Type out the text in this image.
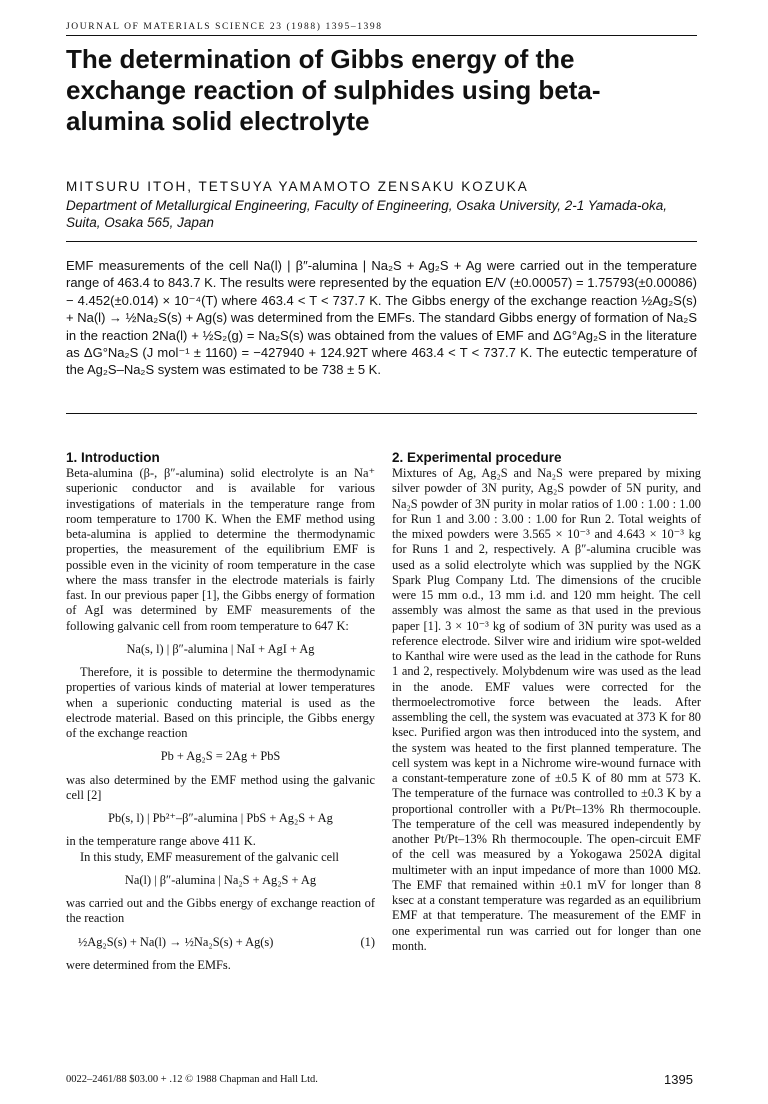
JOURNAL OF MATERIALS SCIENCE 23 (1988) 1395–1398
The determination of Gibbs energy of the exchange reaction of sulphides using beta-alumina solid electrolyte
MITSURU ITOH, TETSUYA YAMAMOTO ZENSAKU KOZUKA
Department of Metallurgical Engineering, Faculty of Engineering, Osaka University, 2-1 Yamada-oka, Suita, Osaka 565, Japan

EMF measurements of the cell Na(l) | β″-alumina | Na₂S + Ag₂S + Ag were carried out in the temperature range of 463.4 to 843.7 K. The results were represented by the equation E/V (±0.00057) = 1.75793(±0.00086) − 4.452(±0.014) × 10⁻⁴(T) where 463.4 < T < 737.7 K. The Gibbs energy of the exchange reaction ½Ag₂S(s) + Na(l) → ½Na₂S(s) + Ag(s) was determined from the EMFs. The standard Gibbs energy of formation of Na₂S in the reaction 2Na(l) + ½S₂(g) = Na₂S(s) was obtained from the values of EMF and ΔG°Ag₂S in the literature as ΔG°Na₂S (J mol⁻¹ ± 1160) = −427940 + 124.92T where 463.4 < T < 737.7 K. The eutectic temperature of the Ag₂S–Na₂S system was estimated to be 738 ± 5 K.

1. Introduction

Beta-alumina (β-, β″-alumina) solid electrolyte is an Na⁺ superionic conductor and is available for various investigations of materials in the temperature range from room temperature to 1700 K. When the EMF method using beta-alumina is applied to determine the thermodynamic properties, the measurement of the equilibrium EMF is possible even in the vicinity of room temperature in the case where the mass transfer in the electrode materials is fairly fast. In our previous paper [1], the Gibbs energy of formation of AgI was determined by EMF measurements of the following galvanic cell from room temperature to 647 K:

Na(s, l) | β″-alumina | NaI + AgI + Ag

Therefore, it is possible to determine the thermodynamic properties of various kinds of material at lower temperatures when a superionic conducting material is used as the electrode material. Based on this principle, the Gibbs energy of the exchange reaction

Pb + Ag₂S = 2Ag + PbS

was also determined by the EMF method using the galvanic cell [2]

Pb(s, l) | Pb²⁺–β″-alumina | PbS + Ag₂S + Ag

in the temperature range above 411 K.

In this study, EMF measurement of the galvanic cell

Na(l) | β″-alumina | Na₂S + Ag₂S + Ag

was carried out and the Gibbs energy of exchange reaction of the reaction

½Ag₂S(s) + Na(l) → ½Na₂S(s) + Ag(s)	(1)

were determined from the EMFs.

2. Experimental procedure

Mixtures of Ag, Ag₂S and Na₂S were prepared by mixing silver powder of 3N purity, Ag₂S powder of 5N purity, and Na₂S powder of 3N purity in molar ratios of 1.00 : 1.00 : 1.00 for Run 1 and 3.00 : 3.00 : 1.00 for Run 2. Total weights of the mixed powders were 3.565 × 10⁻³ and 4.643 × 10⁻³ kg for Runs 1 and 2, respectively. A β″-alumina crucible was used as a solid electrolyte which was supplied by the NGK Spark Plug Company Ltd. The dimensions of the crucible were 15 mm o.d., 13 mm i.d. and 120 mm height. The cell assembly was almost the same as that used in the previous paper [1]. 3 × 10⁻³ kg of sodium of 3N purity was used as a reference electrode. Silver wire and iridium wire spot-welded to Kanthal wire were used as the lead in the cathode for Runs 1 and 2, respectively. Molybdenum wire was used as the lead in the anode. EMF values were corrected for the thermoelectromotive force between the leads. After assembling the cell, the system was evacuated at 373 K for 80 ksec. Purified argon was then introduced into the system, and the system was heated to the first planned temperature. The cell system was kept in a Nichrome wire-wound furnace with a constant-temperature zone of ±0.5 K of 80 mm at 573 K. The temperature of the furnace was controlled to ±0.3 K by a proportional controller with a Pt/Pt–13% Rh thermocouple. The temperature of the cell was measured independently by another Pt/Pt–13% Rh thermocouple. The open-circuit EMF of the cell was measured by a Yokogawa 2502A digital multimeter with an input impedance of more than 1000 MΩ. The EMF that remained within ±0.1 mV for longer than 8 ksec at a constant temperature was regarded as an equilibrium EMF at that temperature. The measurement of the EMF in one experimental run was carried out for longer than one month.

0022–2461/88 $03.00 + .12 © 1988 Chapman and Hall Ltd.	1395
